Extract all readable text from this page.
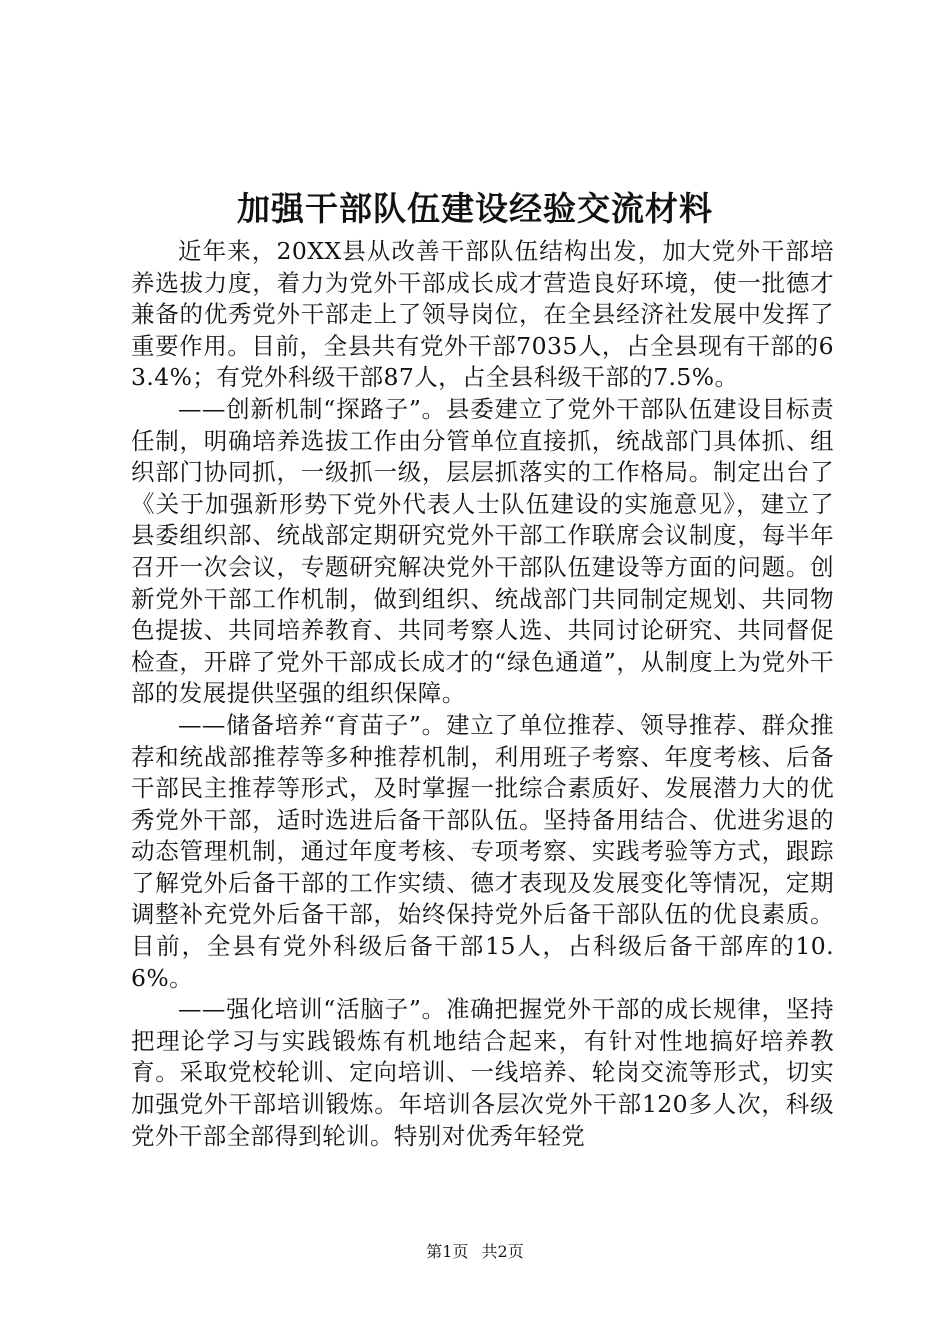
加强干部队伍建设经验交流材料

近年来，20XX县从改善干部队伍结构出发，加大党外干部培养选拔力度，着力为党外干部成长成才营造良好环境，使一批德才兼备的优秀党外干部走上了领导岗位，在全县经济社发展中发挥了重要作用。目前，全县共有党外干部7035人，占全县现有干部的63.4%；有党外科级干部87人，占全县科级干部的7.5%。

——创新机制“探路子”。县委建立了党外干部队伍建设目标责任制，明确培养选拔工作由分管单位直接抓，统战部门具体抓、组织部门协同抓，一级抓一级，层层抓落实的工作格局。制定出台了《关于加强新形势下党外代表人士队伍建设的实施意见》，建立了县委组织部、统战部定期研究党外干部工作联席会议制度，每半年召开一次会议，专题研究解决党外干部队伍建设等方面的问题。创新党外干部工作机制，做到组织、统战部门共同制定规划、共同物色提拔、共同培养教育、共同考察人选、共同讨论研究、共同督促检查，开辟了党外干部成长成才的“绿色通道”，从制度上为党外干部的发展提供坚强的组织保障。

——储备培养“育苗子”。建立了单位推荐、领导推荐、群众推荐和统战部推荐等多种推荐机制，利用班子考察、年度考核、后备干部民主推荐等形式，及时掌握一批综合素质好、发展潜力大的优秀党外干部，适时选进后备干部队伍。坚持备用结合、优进劣退的动态管理机制，通过年度考核、专项考察、实践考验等方式，跟踪了解党外后备干部的工作实绩、德才表现及发展变化等情况，定期调整补充党外后备干部，始终保持党外后备干部队伍的优良素质。目前，全县有党外科级后备干部15人，占科级后备干部库的10.6%。

——强化培训“活脑子”。准确把握党外干部的成长规律，坚持把理论学习与实践锻炼有机地结合起来，有针对性地搞好培养教育。采取党校轮训、定向培训、一线培养、轮岗交流等形式，切实加强党外干部培训锻炼。年培训各层次党外干部120多人次，科级党外干部全部得到轮训。特别对优秀年轻党

第1页 共2页
